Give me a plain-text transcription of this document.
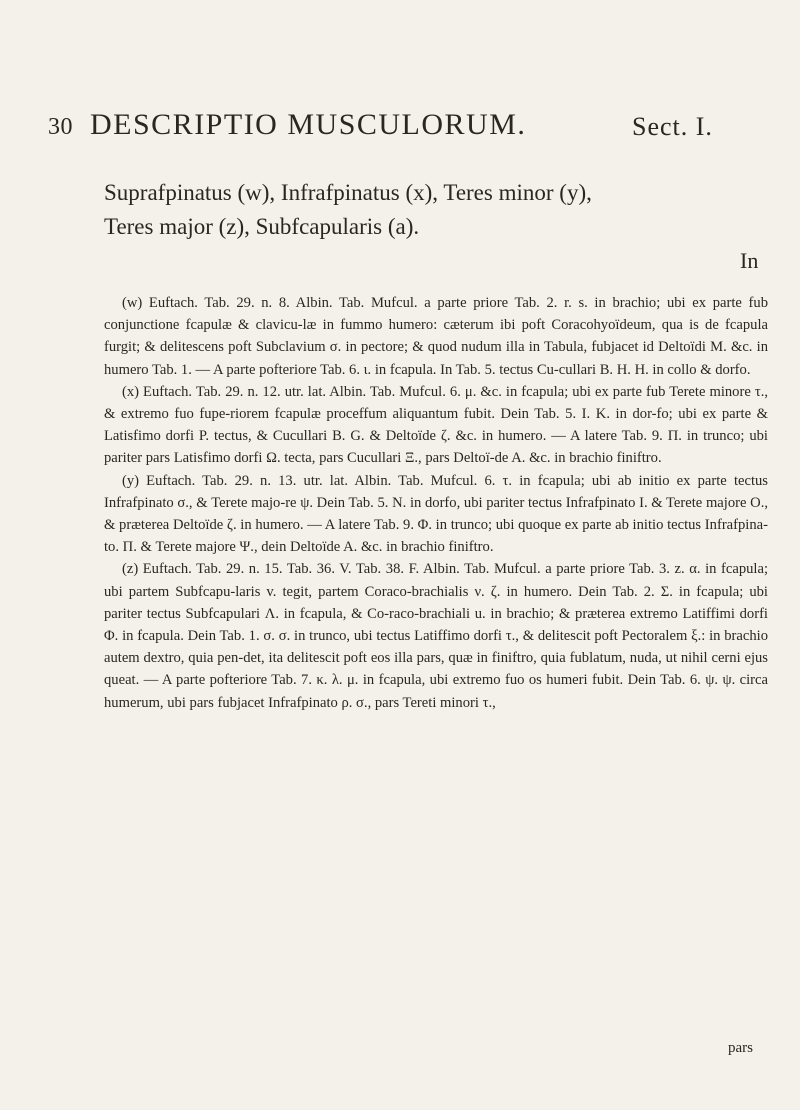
30 DESCRIPTIO MUSCULORUM.	Sect. I.
Suprafpinatus (w), Infrafpinatus (x), Teres minor (y),
Teres major (z), Subfcapularis (a).
In

(w) Euftach. Tab. 29. n. 8. Albin. Tab. Mufcul. a parte priore Tab. 2. r. s. in brachio; ubi ex parte fub conjunctione fcapulæ & clavicu-læ in fummo humero: cæterum ibi poft Coracohyoïdeum, qua is de fcapula furgit; & delitescens poft Subclavium σ. in pectore; & quod nudum illa in Tabula, fubjacet id Deltoïdi M. &c. in humero Tab. 1. — A parte pofteriore Tab. 6. ι. in fcapula. In Tab. 5. tectus Cu-cullari B. H. H. in collo & dorfo.

(x) Euftach. Tab. 29. n. 12. utr. lat. Albin. Tab. Mufcul. 6. μ. &c. in fcapula; ubi ex parte fub Terete minore τ., & extremo fuo fupe-riorem fcapulæ proceffum aliquantum fubit. Dein Tab. 5. I. K. in dor-fo; ubi ex parte & Latisfimo dorfi P. tectus, & Cucullari B. G. & Deltoïde ζ. &c. in humero. — A latere Tab. 9. Π. in trunco; ubi pariter pars Latisfimo dorfi Ω. tecta, pars Cucullari Ξ., pars Deltoï-de A. &c. in brachio finiftro.

(y) Euftach. Tab. 29. n. 13. utr. lat. Albin. Tab. Mufcul. 6. τ. in fcapula; ubi ab initio ex parte tectus Infrafpinato σ., & Terete majo-re ψ. Dein Tab. 5. N. in dorfo, ubi pariter tectus Infrafpinato I. & Terete majore O., & præterea Deltoïde ζ. in humero. — A latere Tab. 9. Φ. in trunco; ubi quoque ex parte ab initio tectus Infrafpina-to. Π. & Terete majore Ψ., dein Deltoïde A. &c. in brachio finiftro.

(z) Euftach. Tab. 29. n. 15. Tab. 36. V. Tab. 38. F. Albin. Tab. Mufcul. a parte priore Tab. 3. z. α. in fcapula; ubi partem Subfcapu-laris v. tegit, partem Coraco-brachialis ν. ζ. in humero. Dein Tab. 2. Σ. in fcapula; ubi pariter tectus Subfcapulari Λ. in fcapula, & Co-raco-brachiali u. in brachio; & præterea extremo Latiffimi dorfi Φ. in fcapula. Dein Tab. 1. σ. σ. in trunco, ubi tectus Latiffimo dorfi τ., & delitescit poft Pectoralem ξ.: in brachio autem dextro, quia pen-det, ita delitescit poft eos illa pars, quæ in finiftro, quia fublatum, nuda, ut nihil cerni ejus queat. — A parte pofteriore Tab. 7. κ. λ. μ. in fcapula, ubi extremo fuo os humeri fubit. Dein Tab. 6. ψ. ψ. circa humerum, ubi pars fubjacet Infrafpinato ρ. σ., pars Tereti minori τ.,

pars
